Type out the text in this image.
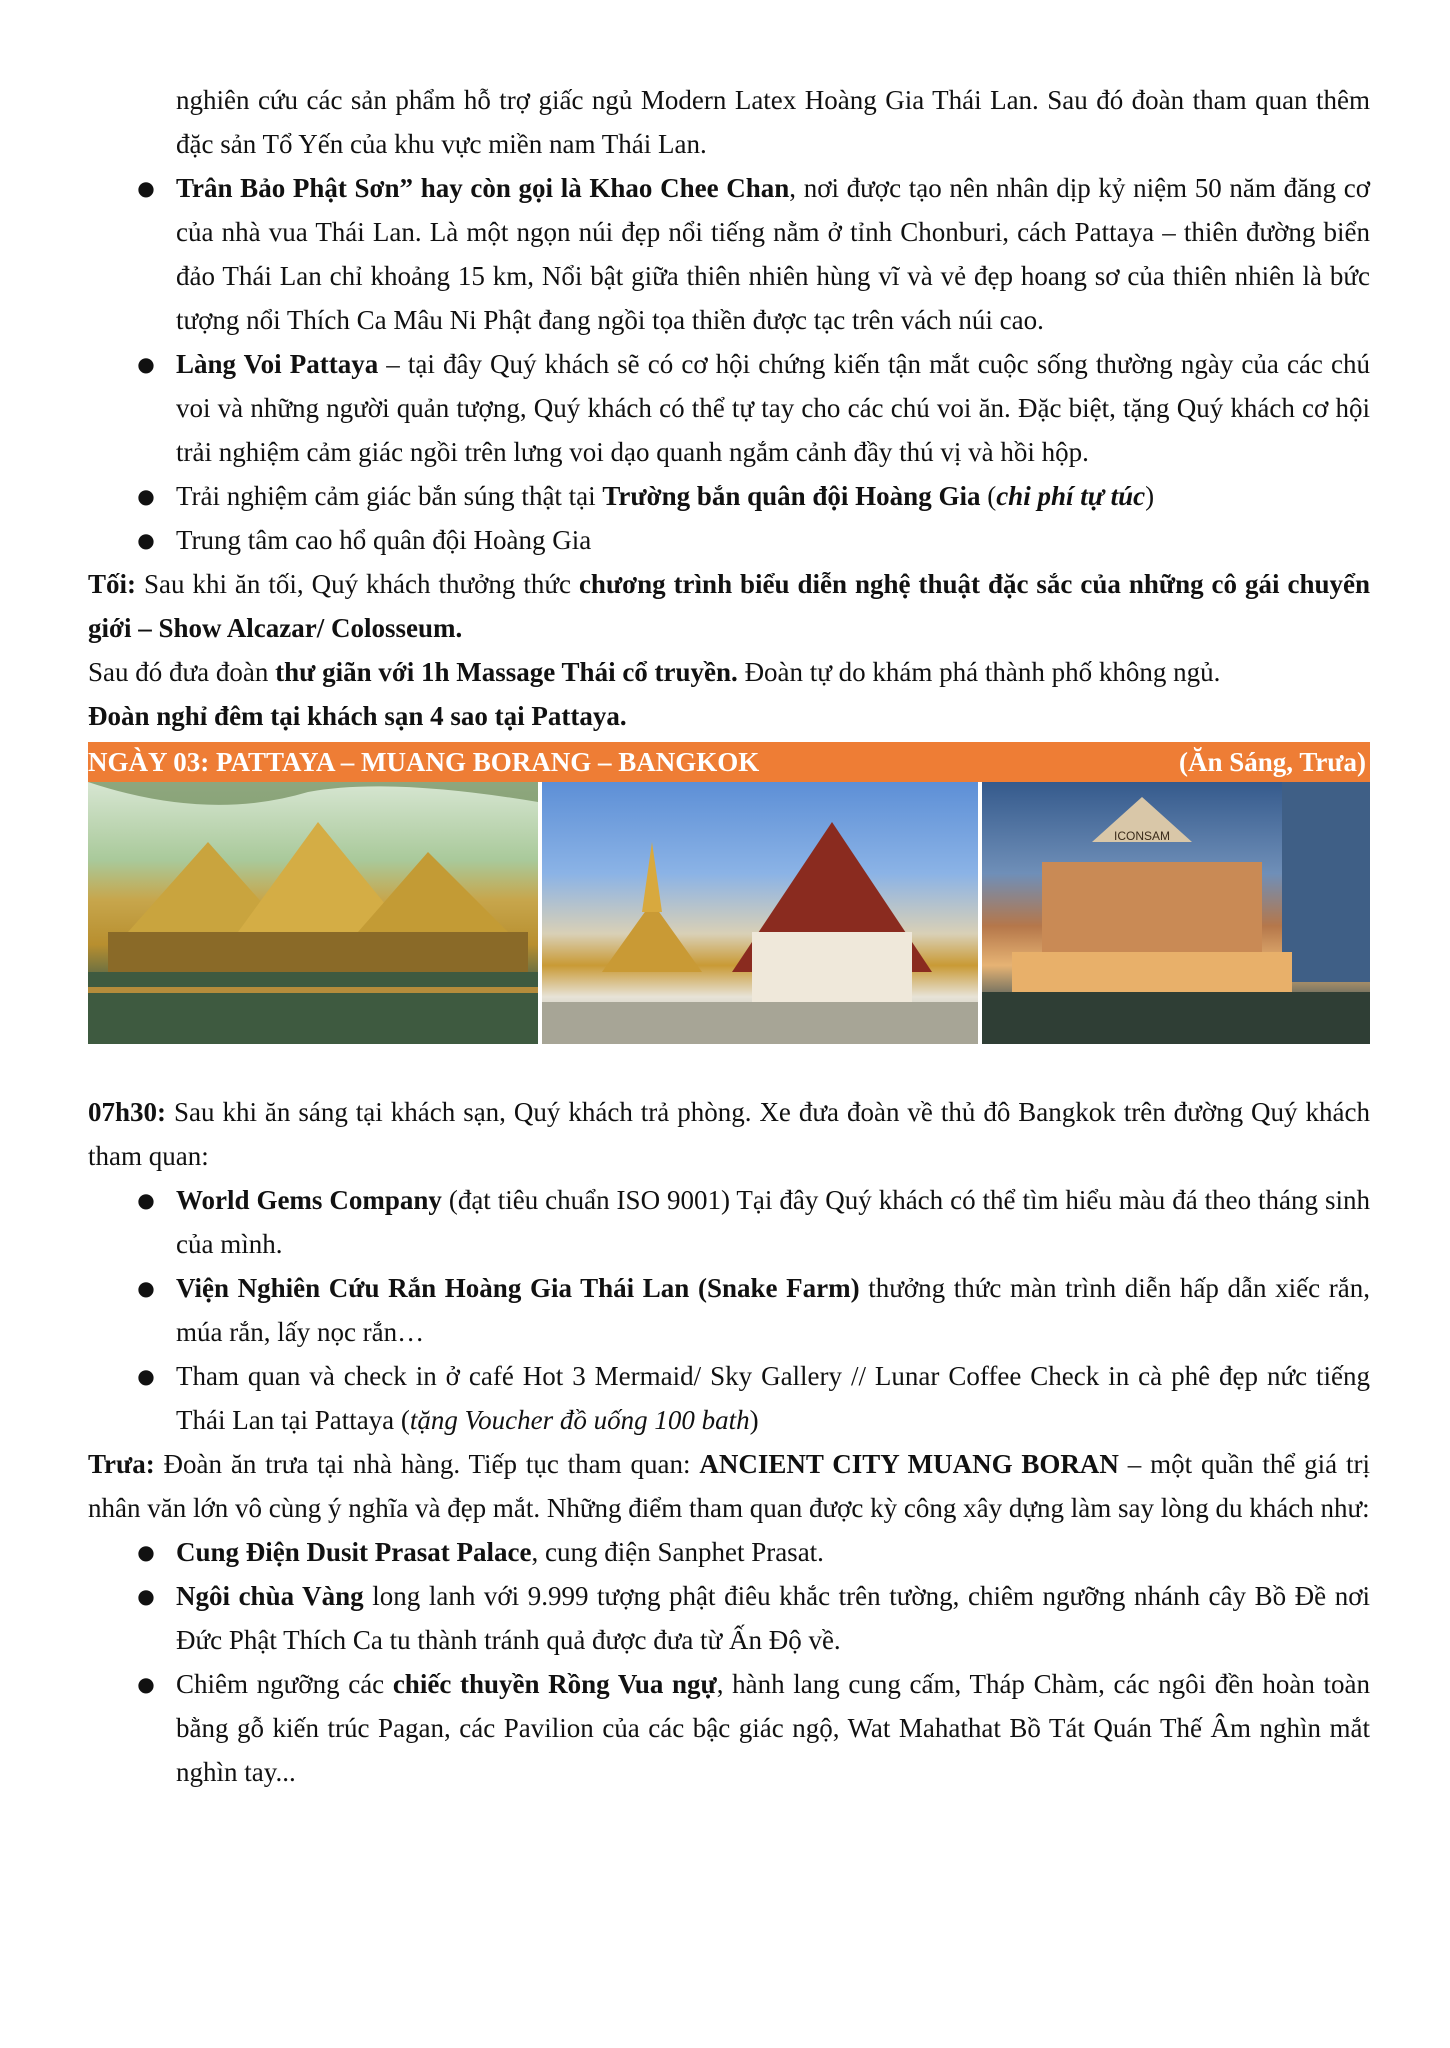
nghiên cứu các sản phẩm hỗ trợ giấc ngủ Modern Latex Hoàng Gia Thái Lan. Sau đó đoàn tham quan thêm đặc sản Tổ Yến của khu vực miền nam Thái Lan.

● Trân Bảo Phật Sơn” hay còn gọi là Khao Chee Chan, nơi được tạo nên nhân dịp kỷ niệm 50 năm đăng cơ của nhà vua Thái Lan. Là một ngọn núi đẹp nổi tiếng nằm ở tỉnh Chonburi, cách Pattaya – thiên đường biển đảo Thái Lan chỉ khoảng 15 km, Nổi bật giữa thiên nhiên hùng vĩ và vẻ đẹp hoang sơ của thiên nhiên là bức tượng nổi Thích Ca Mâu Ni Phật đang ngồi tọa thiền được tạc trên vách núi cao.
● Làng Voi Pattaya – tại đây Quý khách sẽ có cơ hội chứng kiến tận mắt cuộc sống thường ngày của các chú voi và những người quản tượng, Quý khách có thể tự tay cho các chú voi ăn. Đặc biệt, tặng Quý khách cơ hội trải nghiệm cảm giác ngồi trên lưng voi dạo quanh ngắm cảnh đầy thú vị và hồi hộp.
● Trải nghiệm cảm giác bắn súng thật tại Trường bắn quân đội Hoàng Gia (chi phí tự túc)
● Trung tâm cao hổ quân đội Hoàng Gia

Tối: Sau khi ăn tối, Quý khách thưởng thức chương trình biểu diễn nghệ thuật đặc sắc của những cô gái chuyển giới – Show Alcazar/ Colosseum.

Sau đó đưa đoàn thư giãn với 1h Massage Thái cổ truyền. Đoàn tự do khám phá thành phố không ngủ.

Đoàn nghỉ đêm tại khách sạn 4 sao tại Pattaya.

NGÀY 03: PATTAYA – MUANG BORANG – BANGKOK	(Ăn Sáng, Trưa)
ICONSAM

07h30: Sau khi ăn sáng tại khách sạn, Quý khách trả phòng. Xe đưa đoàn về thủ đô Bangkok trên đường Quý khách tham quan:

● World Gems Company (đạt tiêu chuẩn ISO 9001) Tại đây Quý khách có thể tìm hiểu màu đá theo tháng sinh của mình.
● Viện Nghiên Cứu Rắn Hoàng Gia Thái Lan (Snake Farm) thưởng thức màn trình diễn hấp dẫn xiếc rắn, múa rắn, lấy nọc rắn…
● Tham quan và check in ở café Hot 3 Mermaid/ Sky Gallery // Lunar Coffee Check in cà phê đẹp nức tiếng Thái Lan tại Pattaya (tặng Voucher đồ uống 100 bath)

Trưa: Đoàn ăn trưa tại nhà hàng. Tiếp tục tham quan: ANCIENT CITY MUANG BORAN – một quần thể giá trị nhân văn lớn vô cùng ý nghĩa và đẹp mắt. Những điểm tham quan được kỳ công xây dựng làm say lòng du khách như:

● Cung Điện Dusit Prasat Palace, cung điện Sanphet Prasat.
● Ngôi chùa Vàng long lanh với 9.999 tượng phật điêu khắc trên tường, chiêm ngưỡng nhánh cây Bồ Đề nơi Đức Phật Thích Ca tu thành tránh quả được đưa từ Ấn Độ về.
● Chiêm ngưỡng các chiếc thuyền Rồng Vua ngự, hành lang cung cấm, Tháp Chàm, các ngôi đền hoàn toàn bằng gỗ kiến trúc Pagan, các Pavilion của các bậc giác ngộ, Wat Mahathat Bồ Tát Quán Thế Âm nghìn mắt nghìn tay...
